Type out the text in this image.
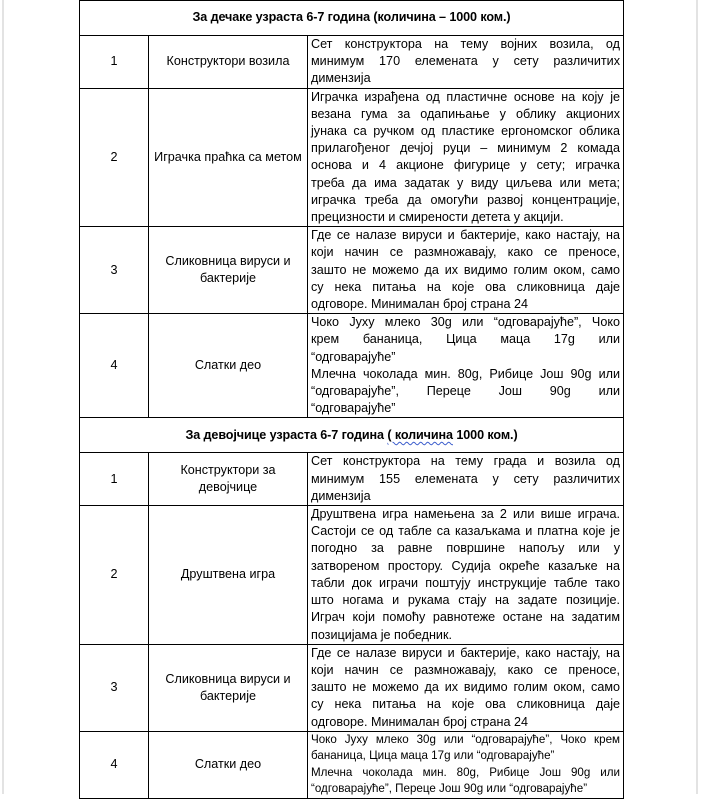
За дечаке узраста 6-7 година (количина – 1000 ком.)		
1	Конструктори возила	Сет конструктора на тему војних возила, од
минимум 170 елемената у сету различитих
димензија

2	Играчка праћка са метом	
Играчка израђена од пластичне основе на коју је
везана гума за одапињање у облику акционих
јунака са ручком од пластике ергономског облика
прилагођеног дечјој руци – минимум 2 комада
основа и 4 акционе фигурице у сету; играчка
треба да има задатак у виду циљева или мета;
играчка треба да омогући развој концентрације,
прецизности и смирености детета у акцији.

3	Сликовница вируси и бактерије	Где се налазе вируси и бактерије, како настају, на
који начин се размножавају, како се преносе,
зашто не можемо да их видимо голим оком, само
су нека питања на које ова сликовница даје
одговоре. Минималан број страна 24

4	Слатки део	
Чоко Јуху млеко 30g или “одговарајуће”, Чоко
крем бананица, Цица маца 17g или
“одговарајуће”
Млечна чоколада мин. 80g, Рибице Још 90g или
“одговарајуће”, Переце Још 90g или
“одговарајуће”

За девојчице узраста 6-7 година ( количина 1000 ком.)		
1	Конструктори за девојчице	Сет конструктора на тему града и возила од
минимум 155 елемената у сету различитих
димензија

2	Друштвена игра	
Друштвена игра намењена за 2 или више играча.
Састоји се од табле са казаљкама и платна које је
погодно за равне површине напољу или у
затвореном простору. Судија окреће казаљке на
табли док играчи поштују инструкције табле тако
што ногама и рукама стају на задате позиције.
Играч који помоћу равнотеже остане на задатим
позицијама је победник.

3	Сликовница вируси и бактерије	Где се налазе вируси и бактерије, како настају, на
који начин се размножавају, како се преносе,
зашто не можемо да их видимо голим оком, само
су нека питања на које ова сликовница даје
одговоре. Минималан број страна 24

4	Слатки део	Чоко Јуху млеко 30g или “одговарајуће”, Чоко крем
бананица, Цица маца 17g или “одговарајуће”
Млечна чоколада мин. 80g, Рибице Још 90g или
“одговарајуће”, Переце Још 90g или “одговарајуће”
